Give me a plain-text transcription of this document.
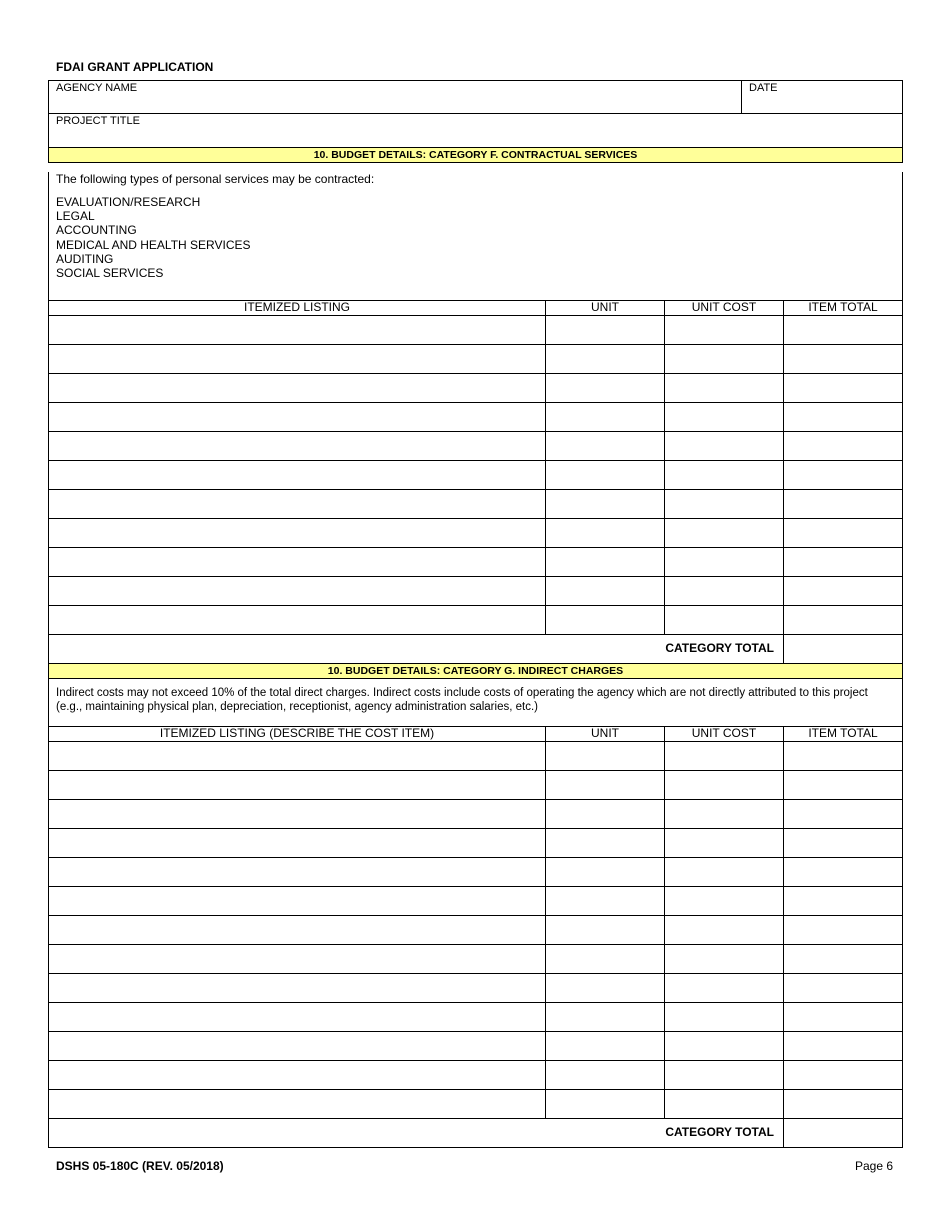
FDAI GRANT APPLICATION
AGENCY NAME	DATE
PROJECT TITLE
10. BUDGET DETAILS: CATEGORY F. CONTRACTUAL SERVICES
The following types of personal services may be contracted:
EVALUATION/RESEARCH
LEGAL
ACCOUNTING
MEDICAL AND HEALTH SERVICES
AUDITING
SOCIAL SERVICES
ITEMIZED LISTING	UNIT	UNIT COST	ITEM TOTAL
CATEGORY TOTAL
10. BUDGET DETAILS: CATEGORY G. INDIRECT CHARGES
Indirect costs may not exceed 10% of the total direct charges. Indirect costs include costs of operating the agency which are not directly attributed to this project (e.g., maintaining physical plan, depreciation, receptionist, agency administration salaries, etc.)
ITEMIZED LISTING (DESCRIBE THE COST ITEM)	UNIT	UNIT COST	ITEM TOTAL
CATEGORY TOTAL
DSHS 05-180C (REV. 05/2018)	Page 6
